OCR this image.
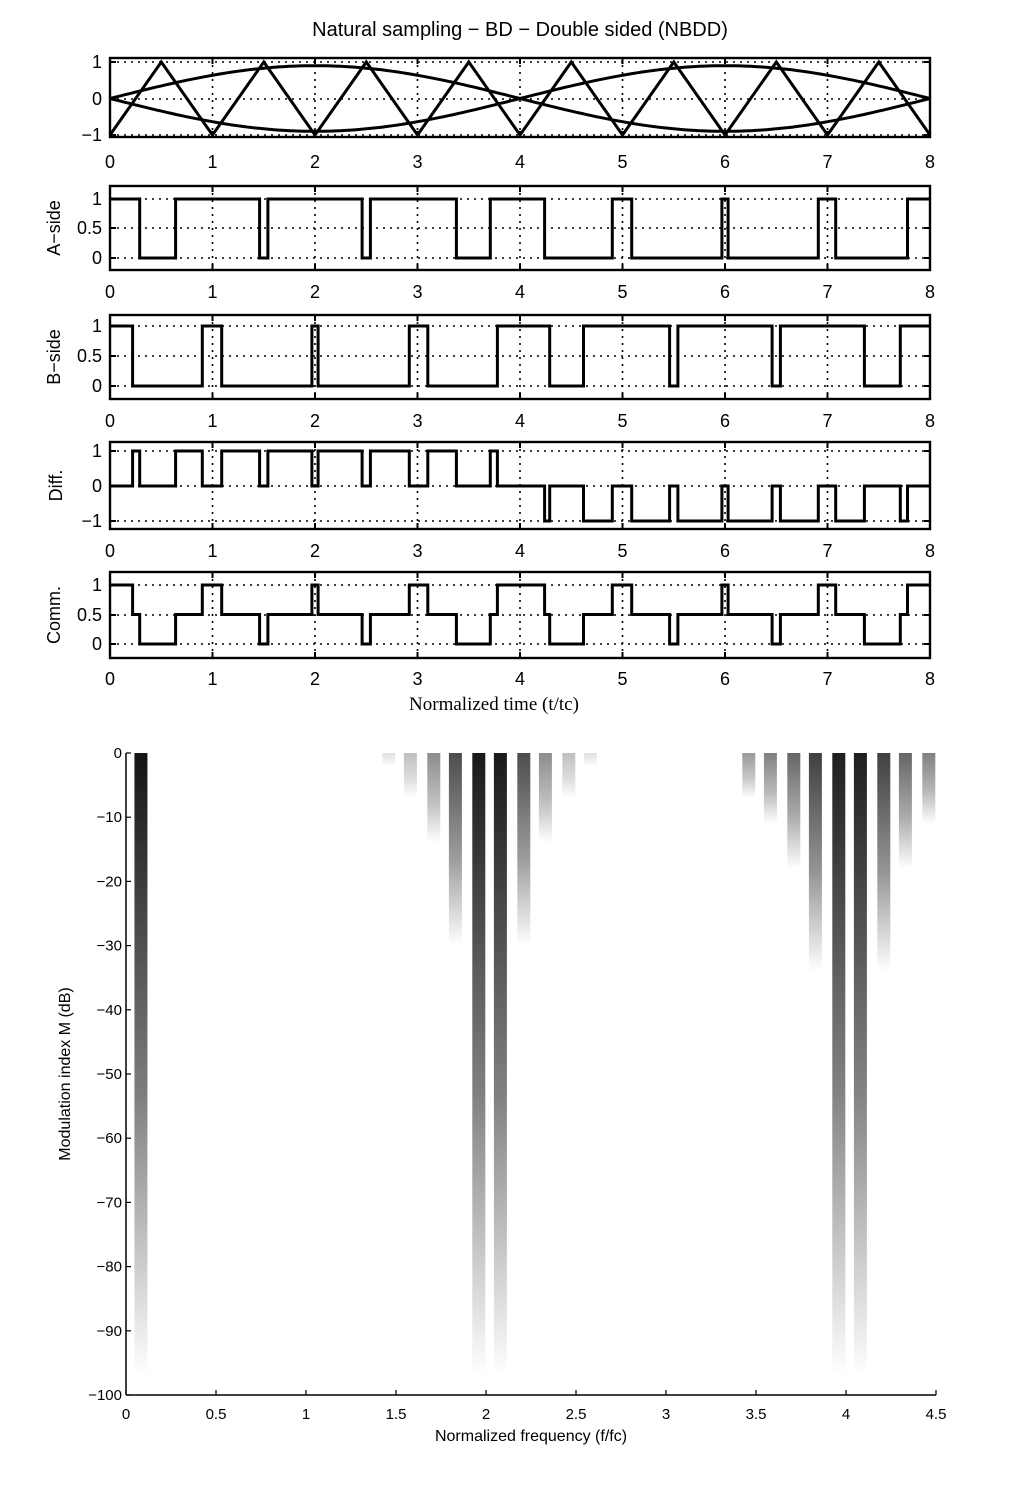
Natural sampling − BD − Double sided (NBDD)
0	1	2	3	4	5	6	7	8
1
0
−1
0	1	2	3	4	5	6	7	8
1
0.5
0
A−side
0	1	2	3	4	5	6	7	8
1
0.5
0
B−side
0	1	2	3	4	5	6	7	8
1
0
−1
Diff.
0	1	2	3	4	5	6	7	8
1
0.5
0
Comm.
Normalized time (t/tc)
0
−10
−20
−30
−40
−50
−60
−70
−80
−90
−100
0	0.5	1	1.5	2	2.5	3	3.5	4	4.5
Normalized frequency (f/fc)
Modulation index M (dB)
